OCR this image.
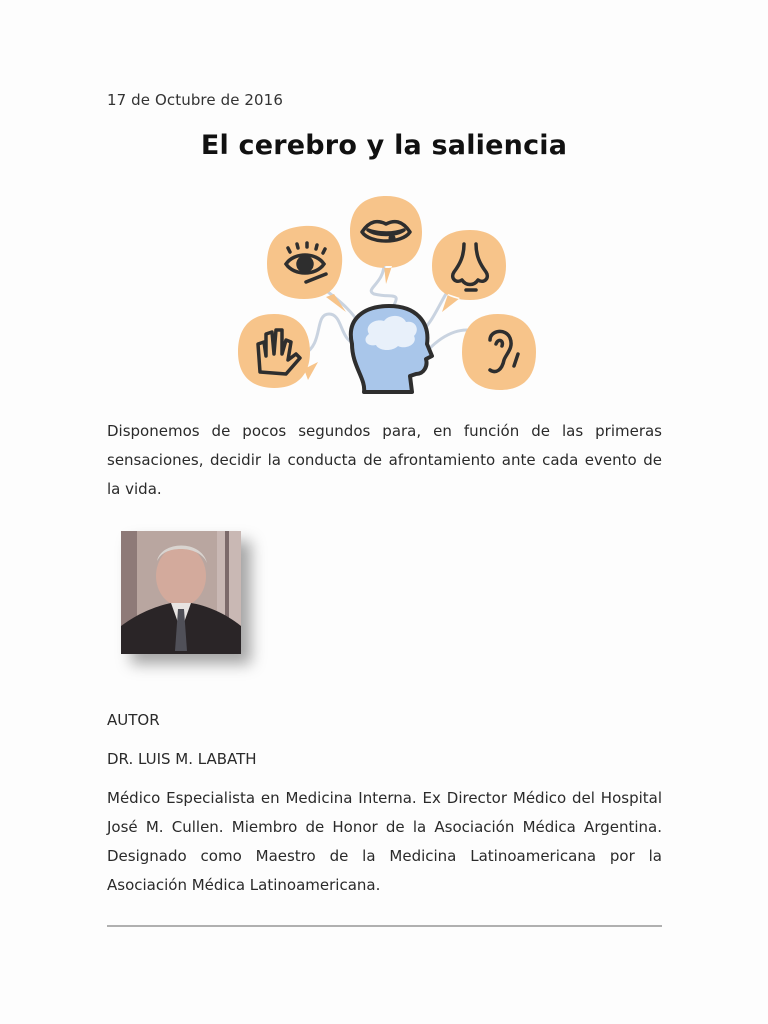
17 de Octubre de 2016
El cerebro y la saliencia

Disponemos de pocos segundos para, en función de las primeras sensaciones, decidir la conducta de afrontamiento ante cada evento de la vida.

AUTOR
DR. LUIS M. LABATH

Médico Especialista en Medicina Interna. Ex Director Médico del Hospital José M. Cullen. Miembro de Honor de la Asociación Médica Argentina. Designado como Maestro de la Medicina Latinoamericana por la Asociación Médica Latinoamericana.
